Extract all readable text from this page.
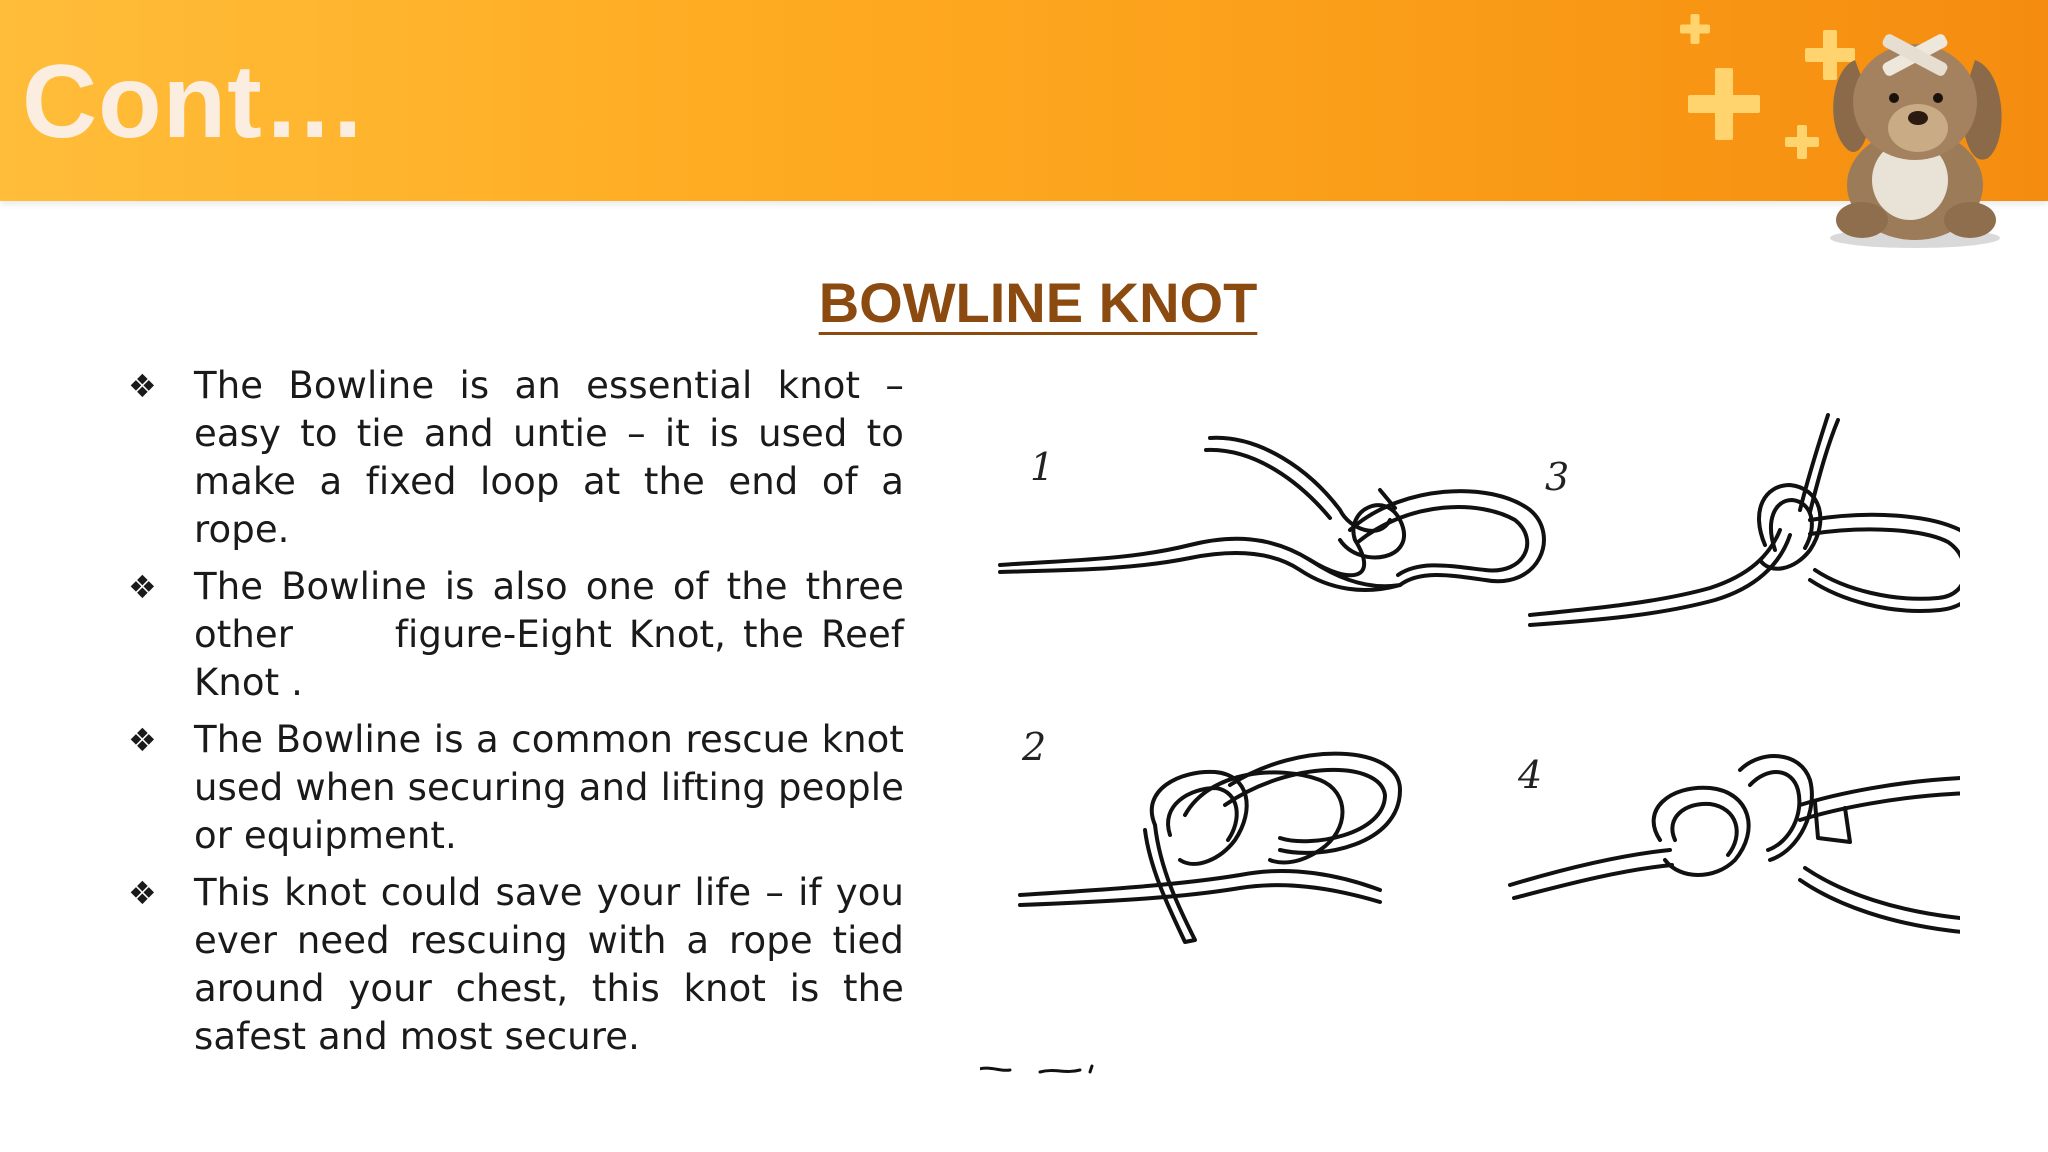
Cont…
BOWLINE KNOT
❖	The Bowline is an essential knot – easy to tie and untie – it is used to make a fixed loop at the end of a rope.
❖	The Bowline is also one of the three other      figure-Eight Knot, the Reef Knot .
❖	The Bowline is a common rescue knot used when securing and lifting people or equipment.
❖	This knot could save your life – if you ever need rescuing with a rope tied around your chest, this knot is the safest and most secure.
1
2
3
4
